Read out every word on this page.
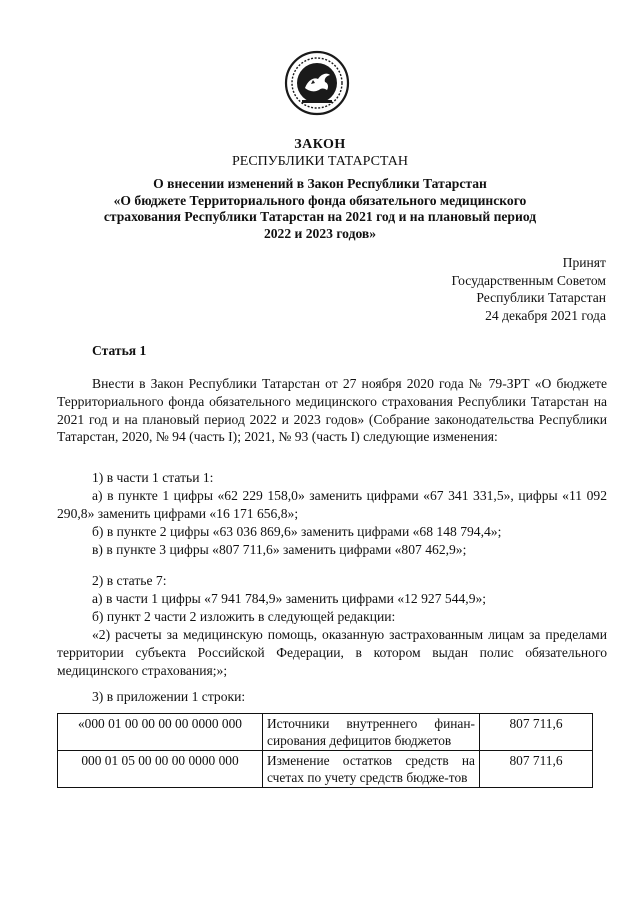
ЗАКОН
РЕСПУБЛИКИ ТАТАРСТАН
О внесении изменений в Закон Республики Татарстан
«О бюджете Территориального фонда обязательного медицинского
страхования Республики Татарстан на 2021 год и на плановый период
2022 и 2023 годов»
Принят
Государственным Советом
Республики Татарстан
24 декабря 2021 года
Статья 1
Внести в Закон Республики Татарстан от 27 ноября 2020 года № 79-ЗРТ «О бюджете Территориального фонда обязательного медицинского страхования Республики Татарстан на 2021 год и на плановый период 2022 и 2023 годов» (Собрание законодательства Республики Татарстан, 2020, № 94 (часть I); 2021, № 93 (часть I) следующие изменения:
1) в части 1 статьи 1:
а) в пункте 1 цифры «62 229 158,0» заменить цифрами «67 341 331,5», цифры «11 092 290,8» заменить цифрами «16 171 656,8»;
б) в пункте 2 цифры «63 036 869,6» заменить цифрами «68 148 794,4»;
в) в пункте 3 цифры «807 711,6» заменить цифрами «807 462,9»;
2) в статье 7:
а) в части 1 цифры «7 941 784,9» заменить цифрами «12 927 544,9»;
б) пункт 2 части 2 изложить в следующей редакции:
«2) расчеты за медицинскую помощь, оказанную застрахованным лицам за пределами территории субъекта Российской Федерации, в котором выдан полис обязательного медицинского страхования;»;
3) в приложении 1 строки:
«000 01 00 00 00 00 0000 000	Источники внутреннего финан-сирования дефицитов бюджетов	807 711,6
000 01 05 00 00 00 0000 000	Изменение остатков средств на счетах по учету средств бюдже-тов	807 711,6
